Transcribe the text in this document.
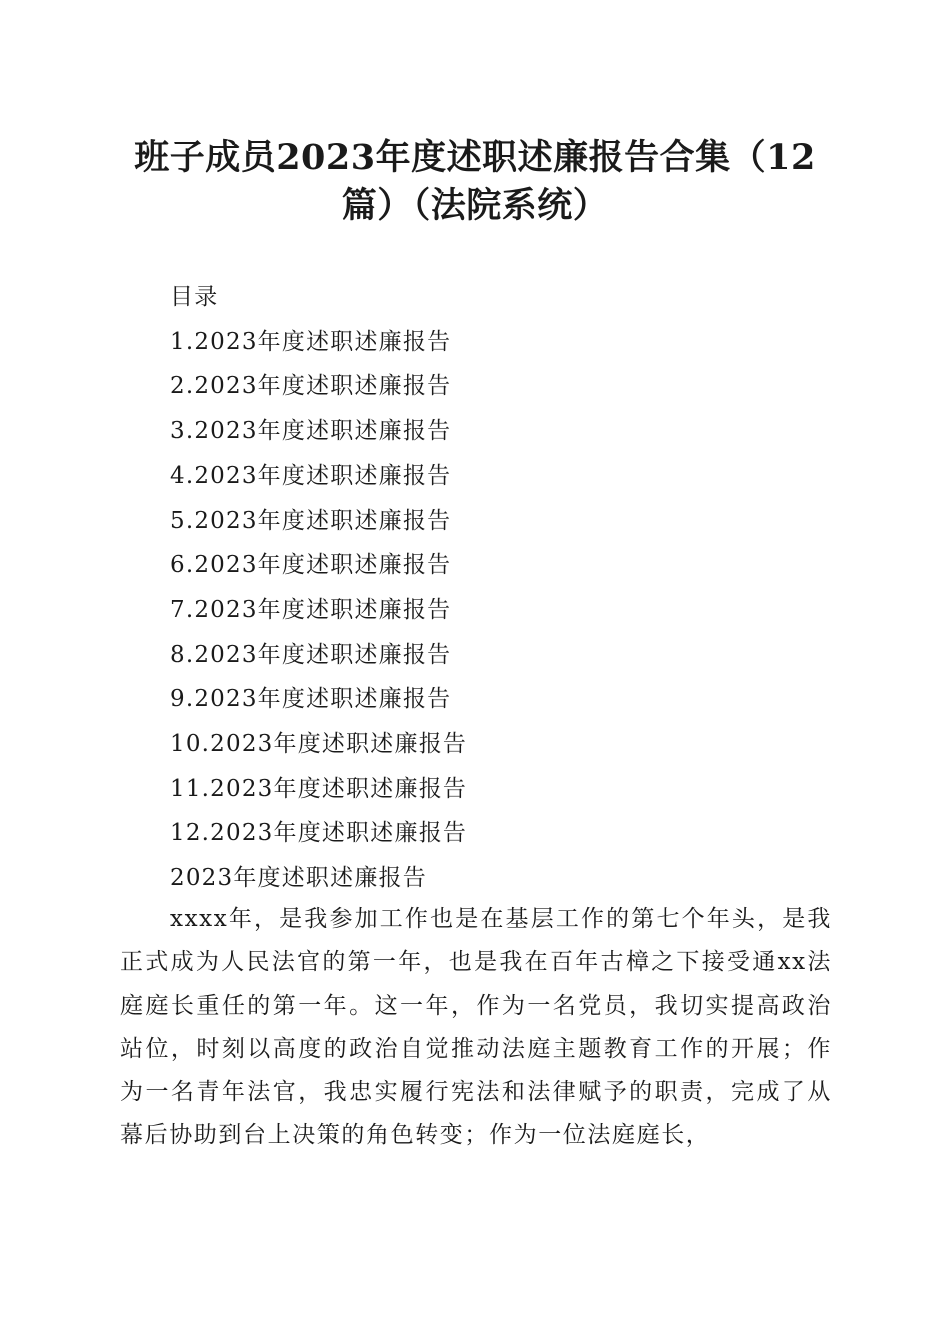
班子成员2023年度述职述廉报告合集（12
篇）（法院系统）
目录
1.2023年度述职述廉报告
2.2023年度述职述廉报告
3.2023年度述职述廉报告
4.2023年度述职述廉报告
5.2023年度述职述廉报告
6.2023年度述职述廉报告
7.2023年度述职述廉报告
8.2023年度述职述廉报告
9.2023年度述职述廉报告
10.2023年度述职述廉报告
11.2023年度述职述廉报告
12.2023年度述职述廉报告
2023年度述职述廉报告

xxxx年，是我参加工作也是在基层工作的第七个年头，是我正式成为人民法官的第一年，也是我在百年古樟之下接受通xx法庭庭长重任的第一年。这一年，作为一名党员，我切实提高政治站位，时刻以高度的政治自觉推动法庭主题教育工作的开展；作为一名青年法官，我忠实履行宪法和法律赋予的职责，完成了从幕后协助到台上决策的角色转变；作为一位法庭庭长，
